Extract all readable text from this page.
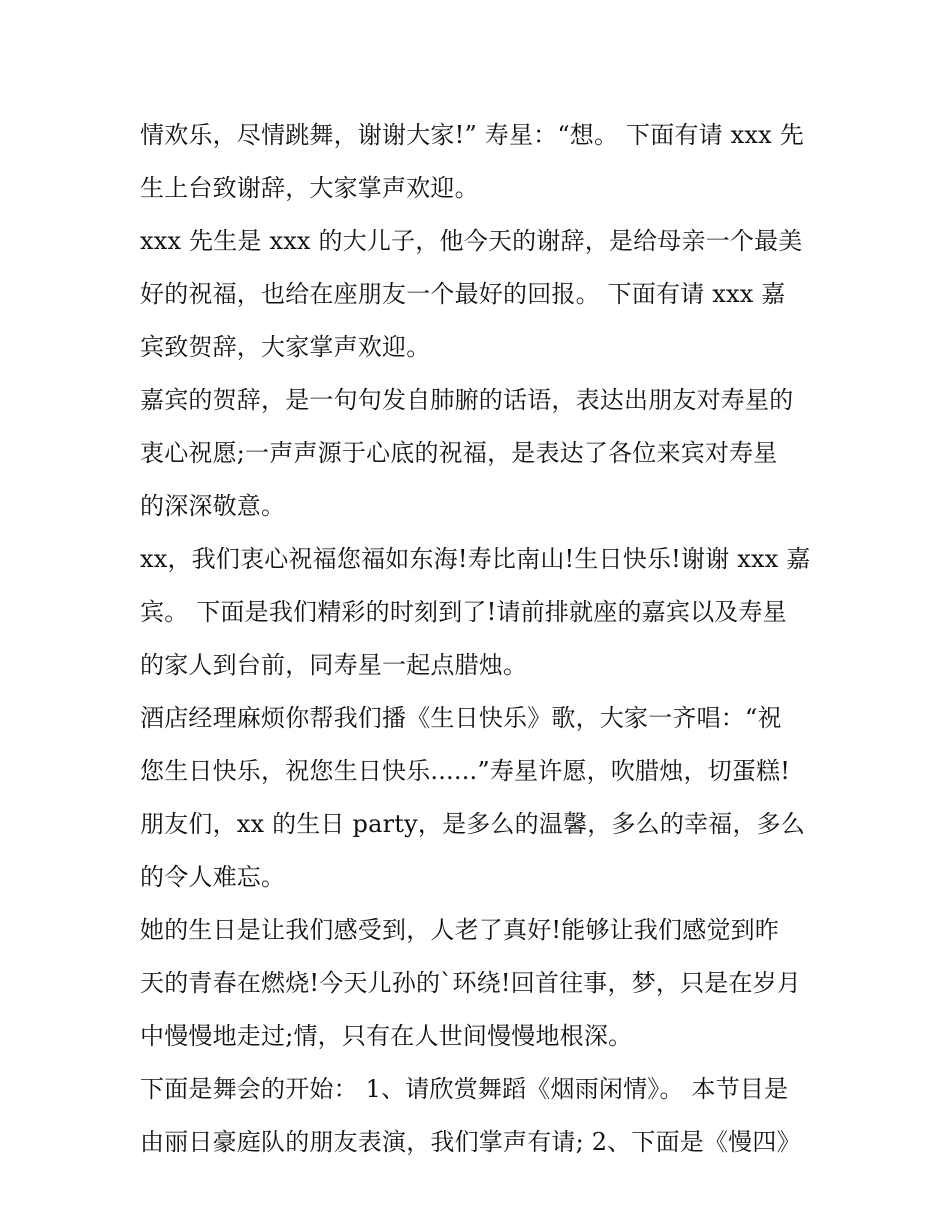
情欢乐，尽情跳舞，谢谢大家!” 寿星：“想。 下面有请 xxx 先
生上台致谢辞，大家掌声欢迎。

xxx 先生是 xxx 的大儿子，他今天的谢辞，是给母亲一个最美
好的祝福，也给在座朋友一个最好的回报。 下面有请 xxx 嘉
宾致贺辞，大家掌声欢迎。

嘉宾的贺辞，是一句句发自肺腑的话语，表达出朋友对寿星的
衷心祝愿;一声声源于心底的祝福，是表达了各位来宾对寿星
的深深敬意。

xx，我们衷心祝福您福如东海!寿比南山!生日快乐!谢谢 xxx 嘉
宾。 下面是我们精彩的时刻到了!请前排就座的嘉宾以及寿星
的家人到台前，同寿星一起点腊烛。

酒店经理麻烦你帮我们播《生日快乐》歌，大家一齐唱：“祝
您生日快乐，祝您生日快乐......”寿星许愿，吹腊烛，切蛋糕!
朋友们，xx 的生日 party，是多么的温馨，多么的幸福，多么
的令人难忘。

她的生日是让我们感受到，人老了真好!能够让我们感觉到昨
天的青春在燃烧!今天儿孙的`环绕!回首往事，梦，只是在岁月
中慢慢地走过;情，只有在人世间慢慢地根深。

下面是舞会的开始： 1、请欣赏舞蹈《烟雨闲情》。 本节目是
由丽日豪庭队的朋友表演，我们掌声有请; 2、下面是《慢四》
